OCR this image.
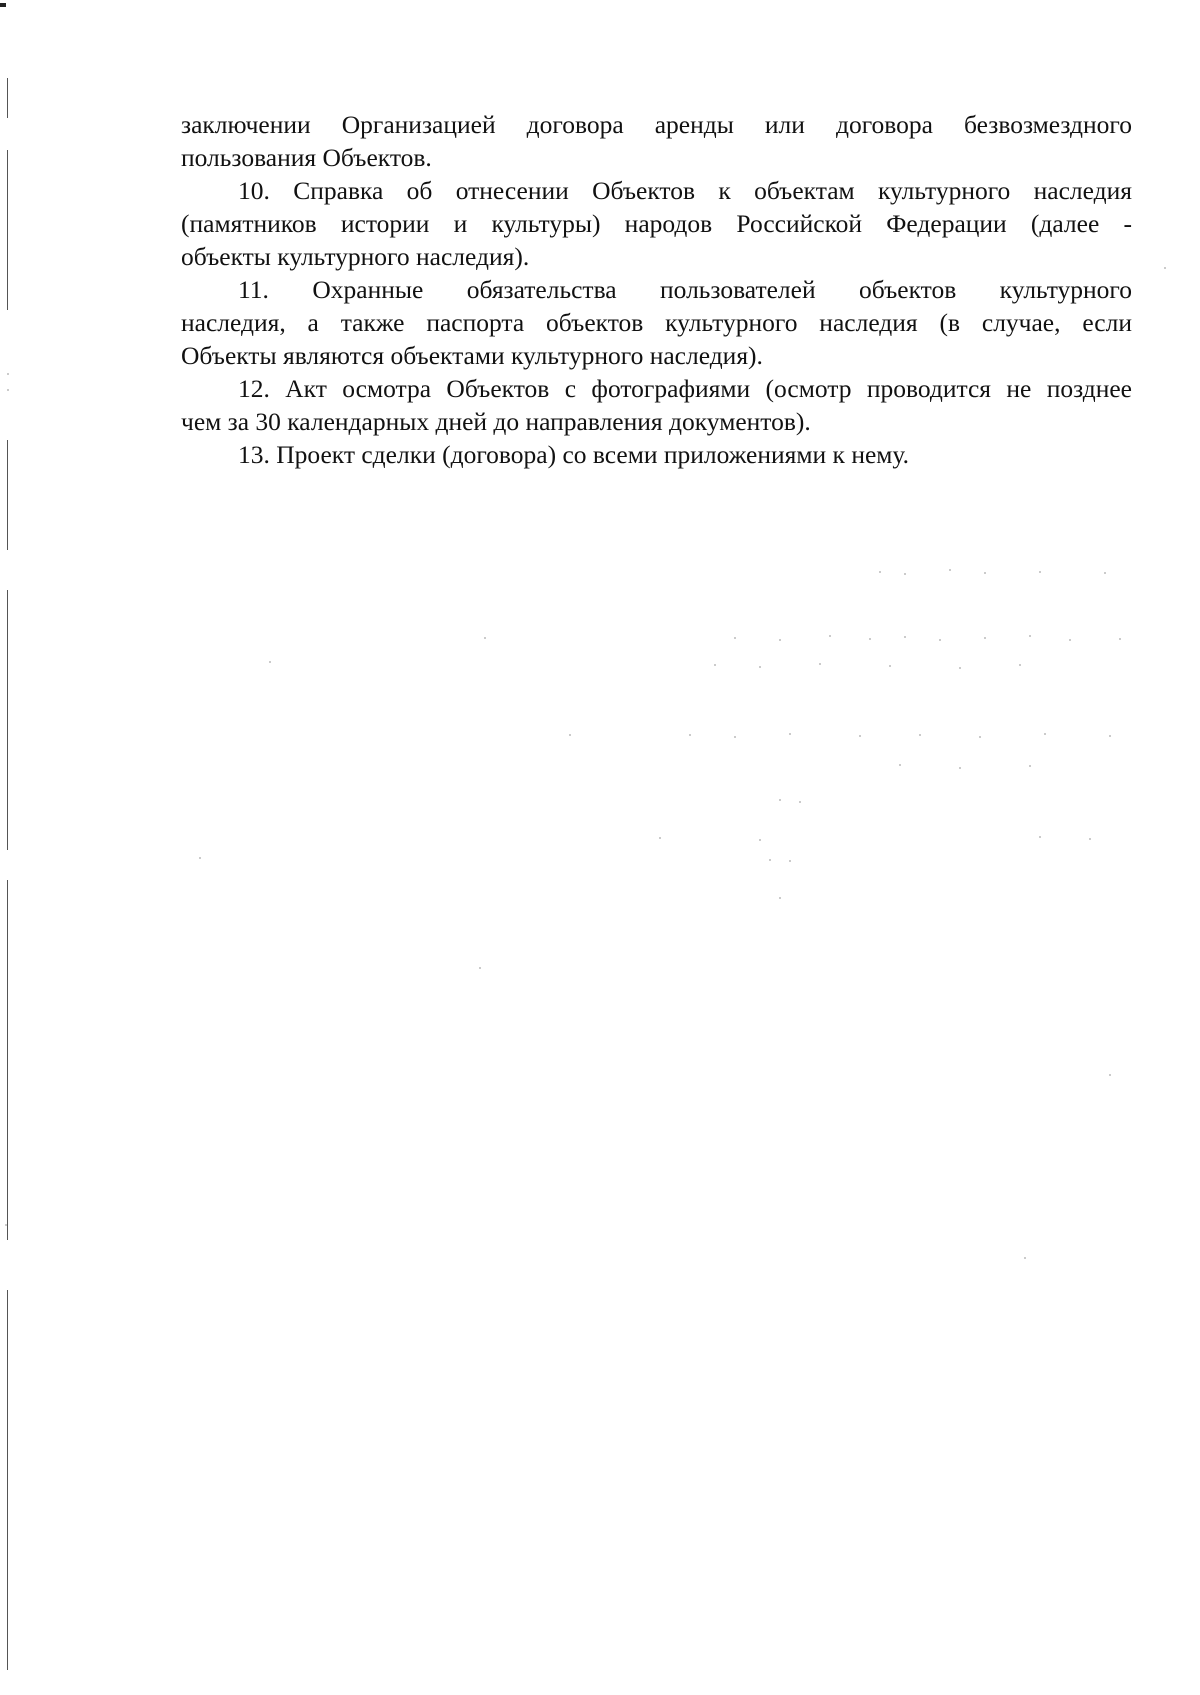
заключении Организацией договора аренды или договора безвозмездного
пользования Объектов.

10. Справка об отнесении Объектов к объектам культурного наследия
(памятников истории и культуры) народов Российской Федерации (далее -
объекты культурного наследия).

11. Охранные обязательства пользователей объектов культурного
наследия, а также паспорта объектов культурного наследия (в случае, если
Объекты являются объектами культурного наследия).

12. Акт осмотра Объектов с фотографиями (осмотр проводится не позднее
чем за 30 календарных дней до направления документов).

13. Проект сделки (договора) со всеми приложениями к нему.
